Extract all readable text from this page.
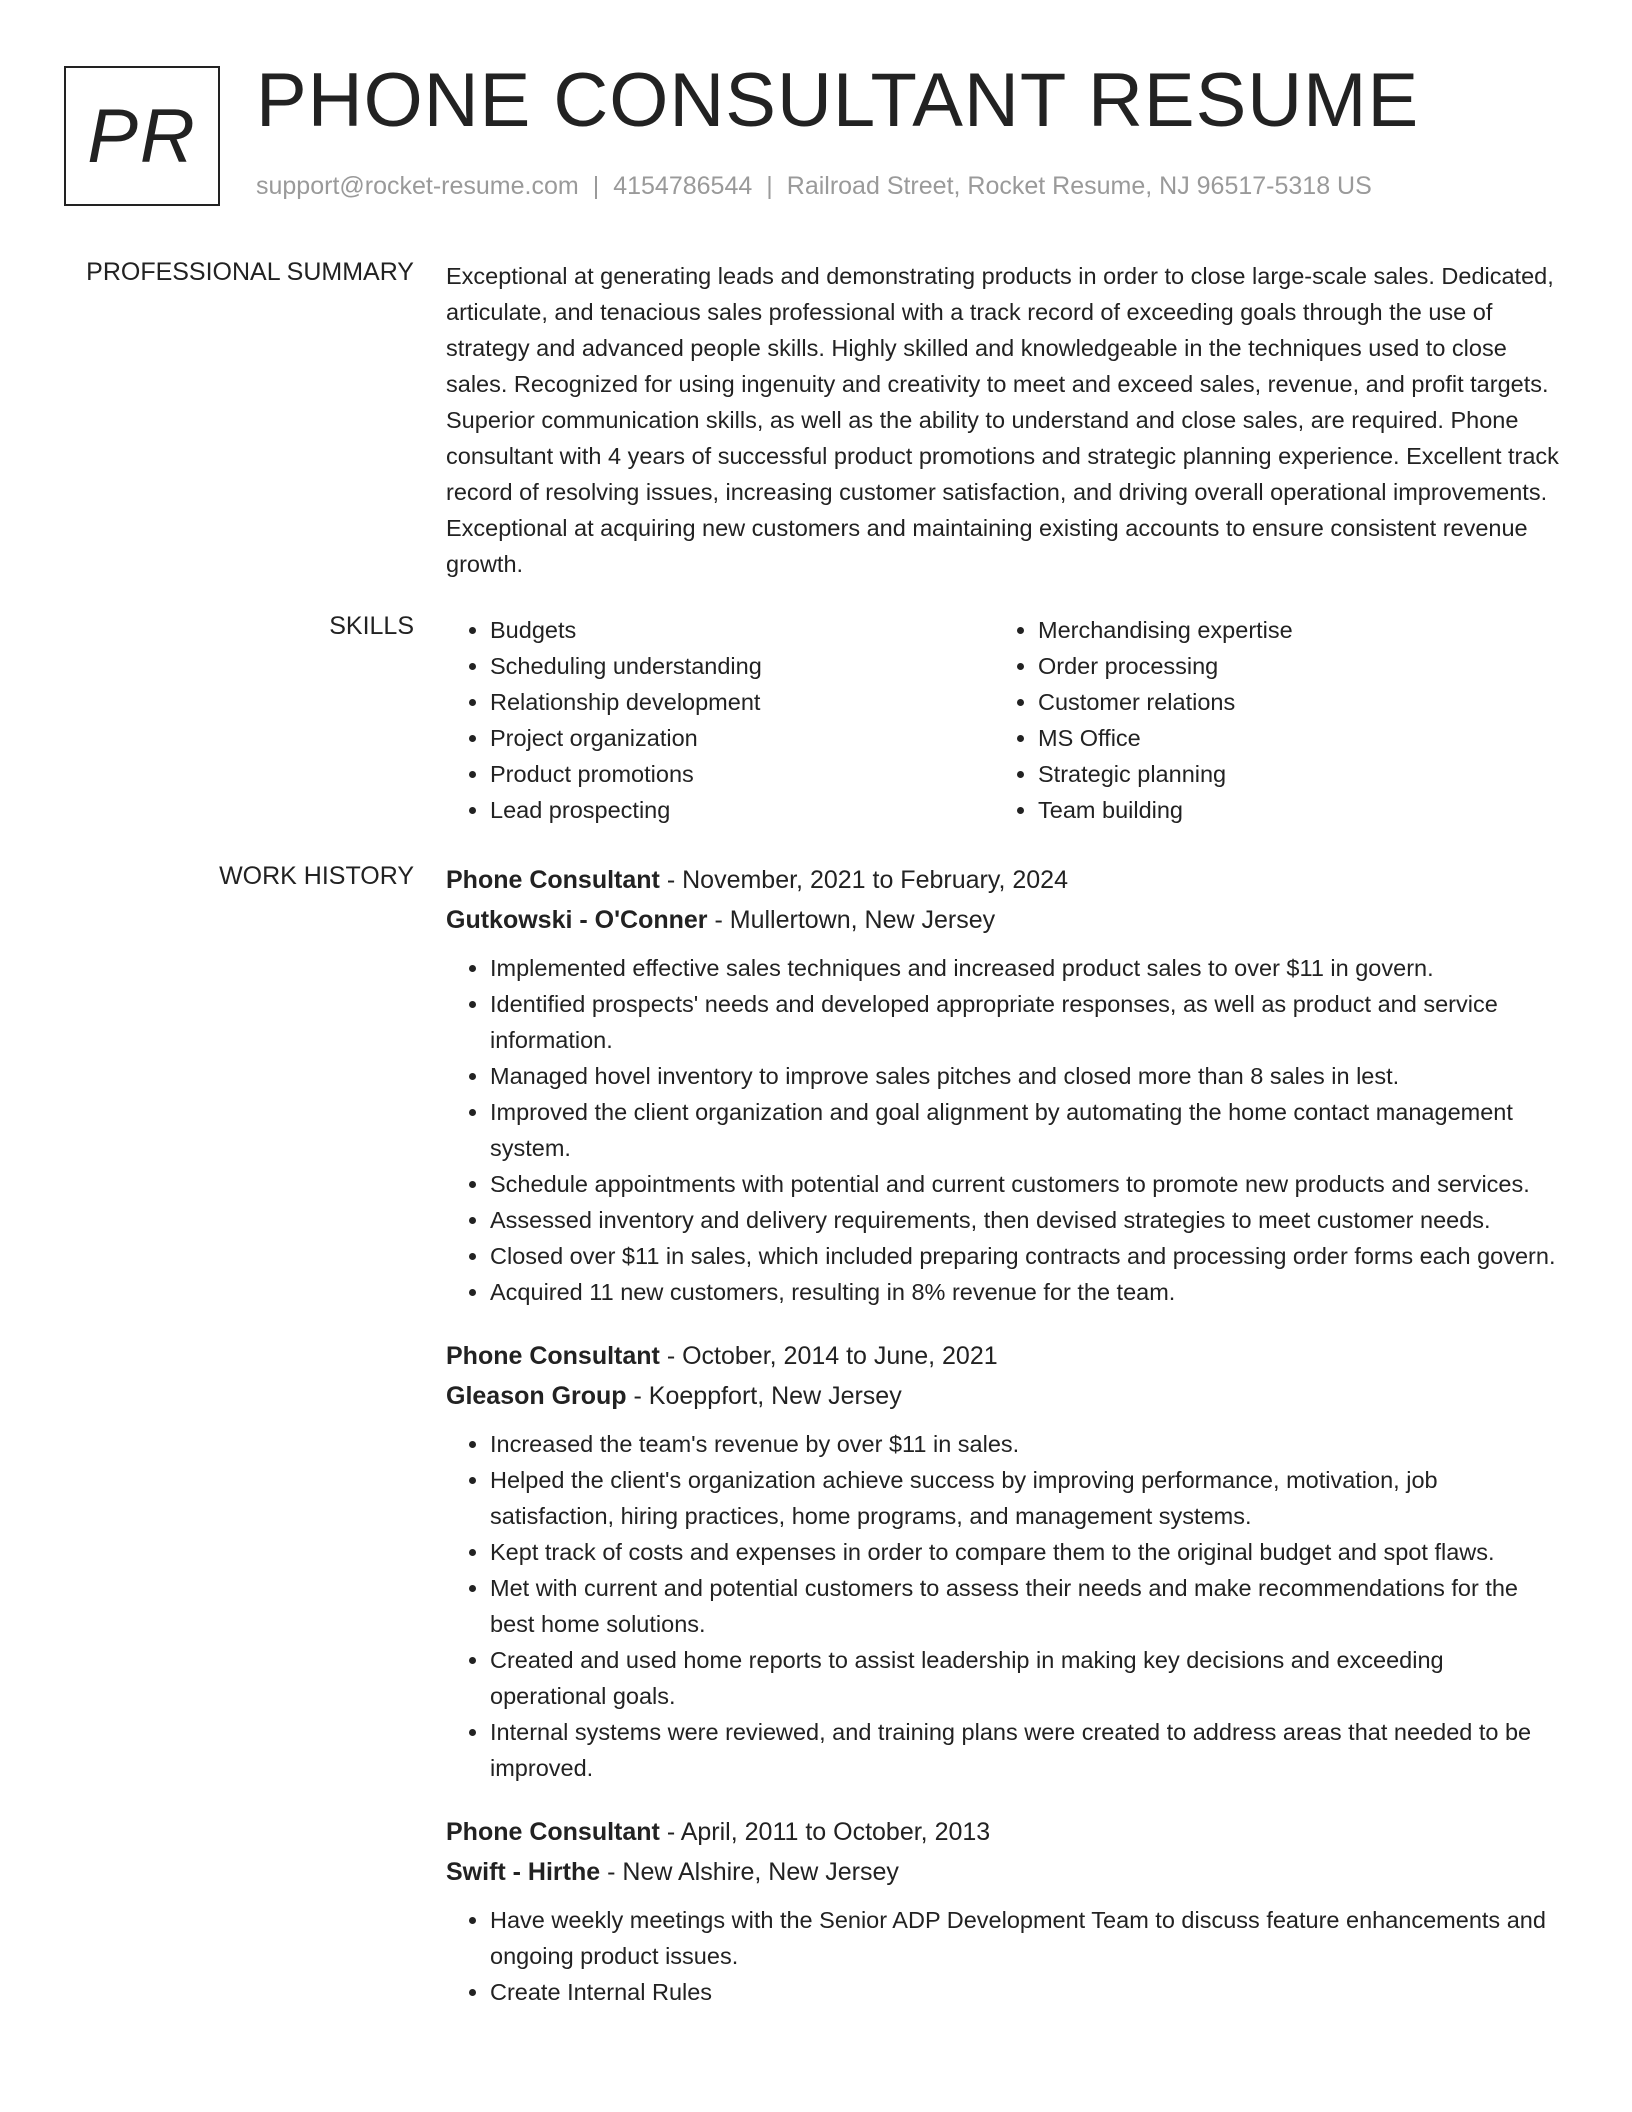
PR PHONE CONSULTANT RESUME
support@rocket-resume.com | 4154786544 | Railroad Street, Rocket Resume, NJ 96517-5318 US
PROFESSIONAL SUMMARY Exceptional at generating leads and demonstrating products in order to close large-scale sales. Dedicated, articulate, and tenacious sales professional with a track record of exceeding goals through the use of strategy and advanced people skills. Highly skilled and knowledgeable in the techniques used to close sales. Recognized for using ingenuity and creativity to meet and exceed sales, revenue, and profit targets. Superior communication skills, as well as the ability to understand and close sales, are required. Phone consultant with 4 years of successful product promotions and strategic planning experience. Excellent track record of resolving issues, increasing customer satisfaction, and driving overall operational improvements. Exceptional at acquiring new customers and maintaining existing accounts to ensure consistent revenue growth.

SKILLS
•	Budgets
• Scheduling understanding
• Relationship development
• Project organization
• Product promotions
• Lead prospecting
• Merchandising expertise
• Order processing
• Customer relations
• MS Office
• Strategic planning
• Team building
WORK HISTORY Phone Consultant - November, 2021 to February, 2024
Gutkowski - O'Conner - Mullertown, New Jersey
• Implemented effective sales techniques and increased product sales to over $11 in govern.
• Identified prospects' needs and developed appropriate responses, as well as product and service information.
• Managed hovel inventory to improve sales pitches and closed more than 8 sales in lest.
• Improved the client organization and goal alignment by automating the home contact management system.
• Schedule appointments with potential and current customers to promote new products and services.
• Assessed inventory and delivery requirements, then devised strategies to meet customer needs.
• Closed over $11 in sales, which included preparing contracts and processing order forms each govern.
• Acquired 11 new customers, resulting in 8% revenue for the team.
Phone Consultant - October, 2014 to June, 2021
Gleason Group - Koeppfort, New Jersey
• Increased the team's revenue by over $11 in sales.
• Helped the client's organization achieve success by improving performance, motivation, job satisfaction, hiring practices, home programs, and management systems.
• Kept track of costs and expenses in order to compare them to the original budget and spot flaws.
• Met with current and potential customers to assess their needs and make recommendations for the best home solutions.
• Created and used home reports to assist leadership in making key decisions and exceeding operational goals.
• Internal systems were reviewed, and training plans were created to address areas that needed to be improved.
Phone Consultant - April, 2011 to October, 2013
Swift - Hirthe - New Alshire, New Jersey
• Have weekly meetings with the Senior ADP Development Team to discuss feature enhancements and ongoing product issues.
• Create Internal Rules
